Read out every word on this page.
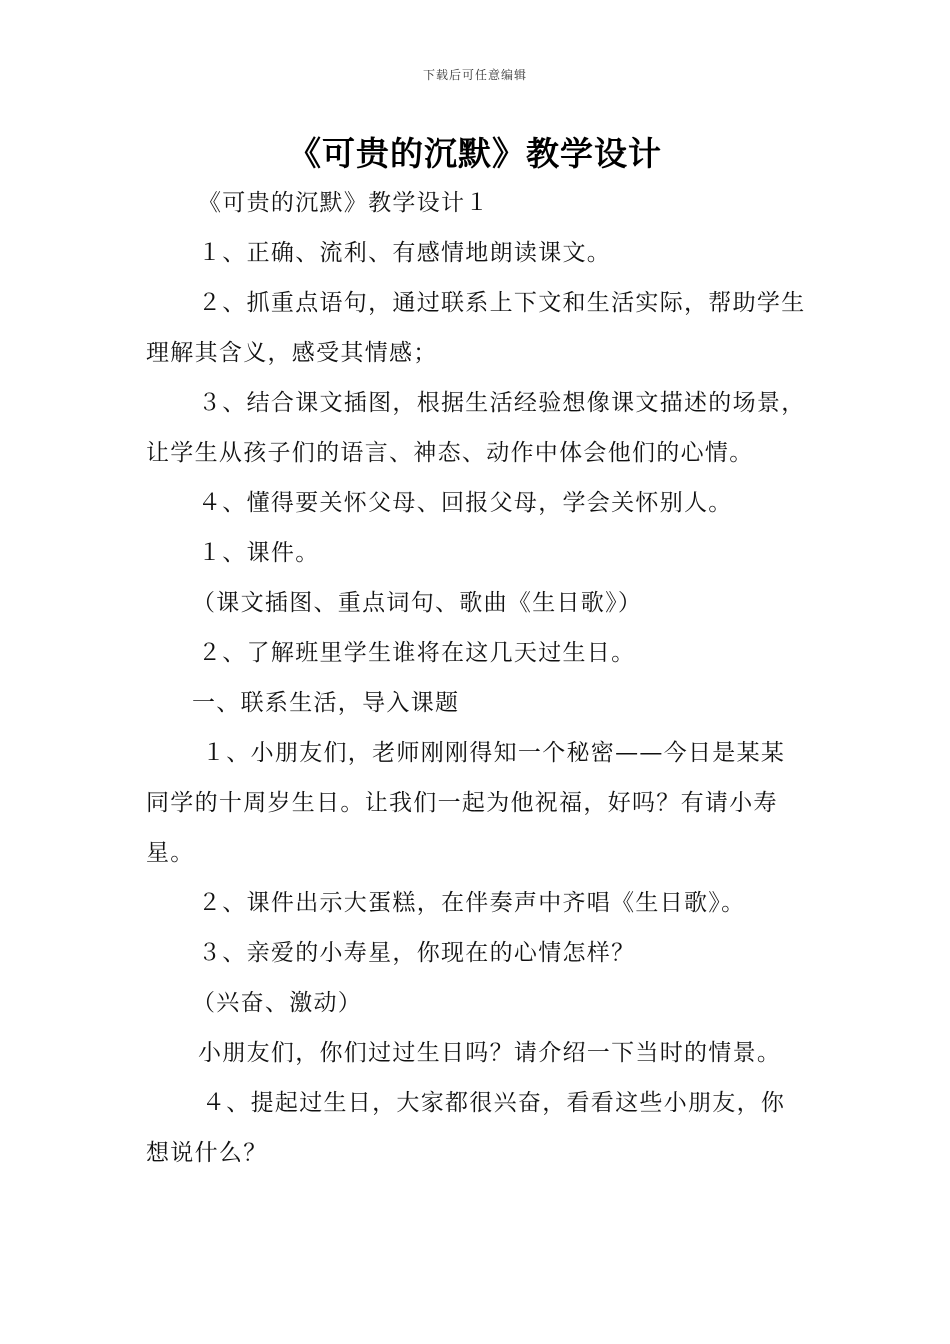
下载后可任意编辑
《可贵的沉默》教学设计

《可贵的沉默》教学设计１

１、正确、流利、有感情地朗读课文。

２、抓重点语句，通过联系上下文和生活实际，帮助学生理解其含义，感受其情感；

３、结合课文插图，根据生活经验想像课文描述的场景，让学生从孩子们的语言、神态、动作中体会他们的心情。

４、懂得要关怀父母、回报父母，学会关怀别人。

１、课件。

（课文插图、重点词句、歌曲《生日歌》）

２、了解班里学生谁将在这几天过生日。

一、联系生活，导入课题

１、小朋友们，老师刚刚得知一个秘密——今日是某某同学的十周岁生日。让我们一起为他祝福，好吗？有请小寿星。

２、课件出示大蛋糕，在伴奏声中齐唱《生日歌》。

３、亲爱的小寿星，你现在的心情怎样？

（兴奋、激动）

小朋友们，你们过过生日吗？请介绍一下当时的情景。

４、提起过生日，大家都很兴奋，看看这些小朋友，你想说什么？
